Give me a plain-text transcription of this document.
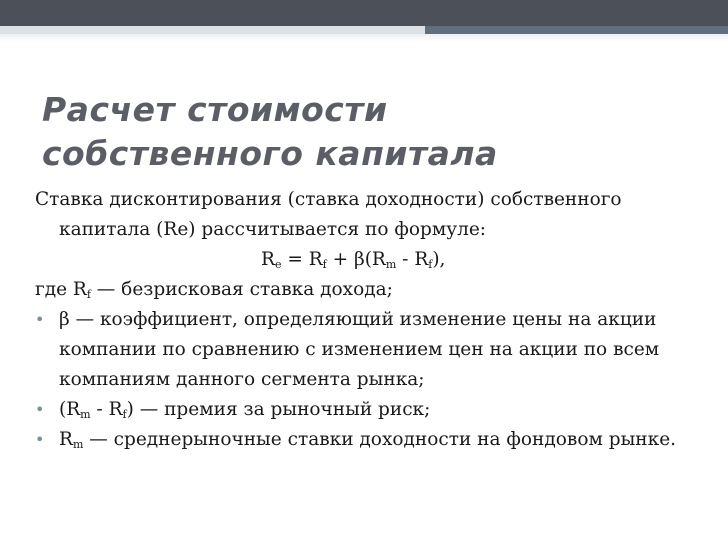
Расчет стоимости
собственного капитала

Ставка дисконтирования (ставка доходности) собственного капитала (Re) рассчитывается по формуле:

$R_e = R_f + \beta(R_m - R_f)$,

где $R_f$ — безрисковая ставка дохода;

• β — коэффициент, определяющий изменение цены на акции компании по сравнению с изменением цен на акции по всем компаниям данного сегмента рынка;
• $(R_m - R_f)$ — премия за рыночный риск;
• $R_m$ — среднерыночные ставки доходности на фондовом рынке.
